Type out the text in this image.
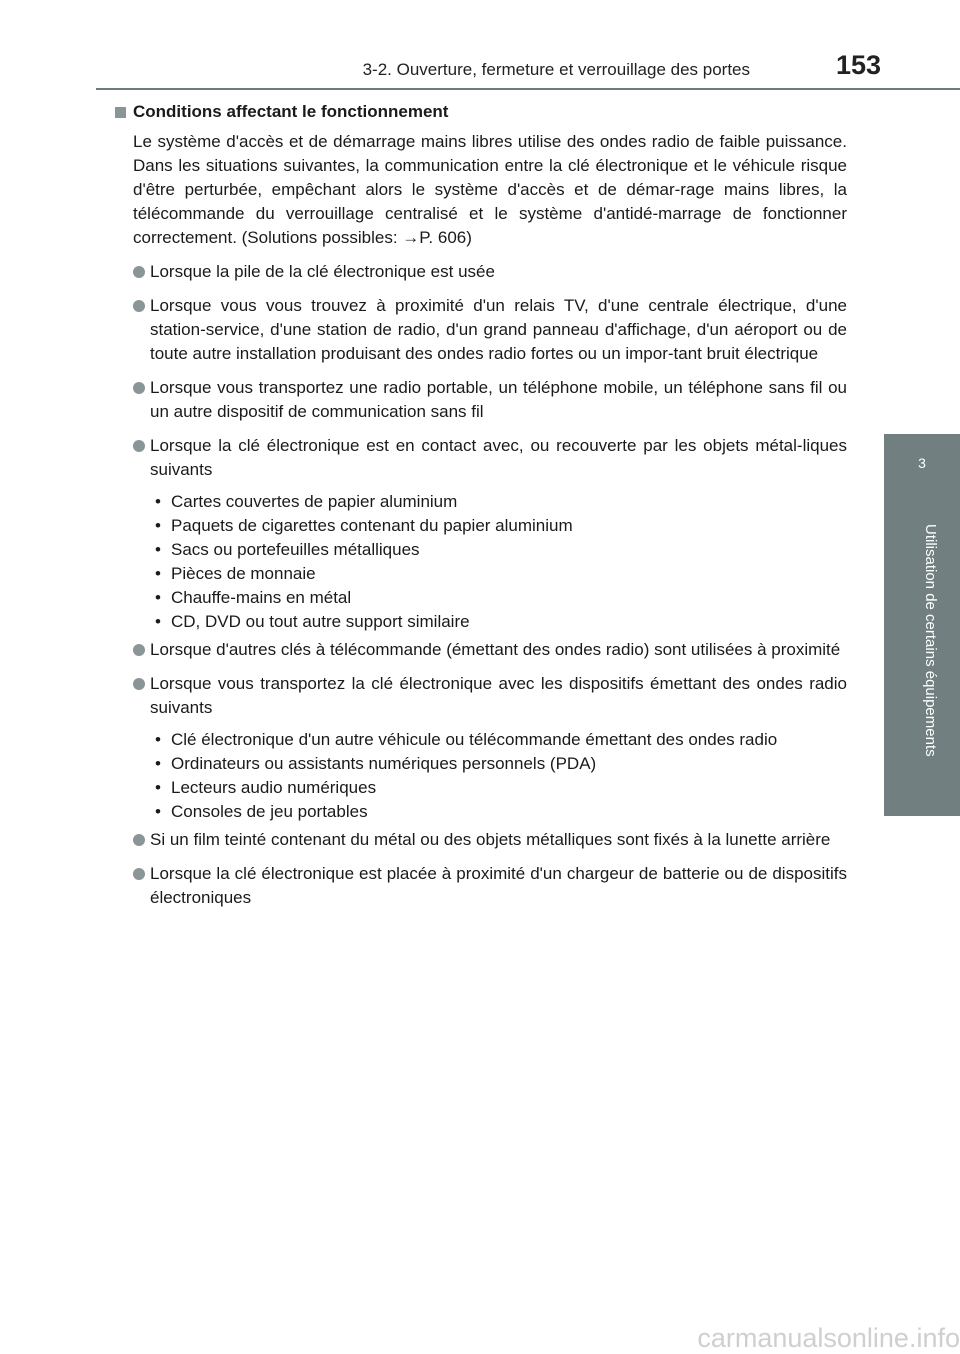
3-2. Ouverture, fermeture et verrouillage des portes	153
3
Utilisation de certains équipements
Conditions affectant le fonctionnement

Le système d'accès et de démarrage mains libres utilise des ondes radio de faible puissance. Dans les situations suivantes, la communication entre la clé électronique et le véhicule risque d'être perturbée, empêchant alors le système d'accès et de démar-rage mains libres, la télécommande du verrouillage centralisé et le système d'antidé-marrage de fonctionner correctement. (Solutions possibles: →P. 606)

Lorsque la pile de la clé électronique est usée
Lorsque vous vous trouvez à proximité d'un relais TV, d'une centrale électrique, d'une station-service, d'une station de radio, d'un grand panneau d'affichage, d'un aéroport ou de toute autre installation produisant des ondes radio fortes ou un impor-tant bruit électrique
Lorsque vous transportez une radio portable, un téléphone mobile, un téléphone sans fil ou un autre dispositif de communication sans fil
Lorsque la clé électronique est en contact avec, ou recouverte par les objets métal-liques suivants
• Cartes couvertes de papier aluminium
• Paquets de cigarettes contenant du papier aluminium
• Sacs ou portefeuilles métalliques
• Pièces de monnaie
• Chauffe-mains en métal
• CD, DVD ou tout autre support similaire
Lorsque d'autres clés à télécommande (émettant des ondes radio) sont utilisées à proximité
Lorsque vous transportez la clé électronique avec les dispositifs émettant des ondes radio suivants
• Clé électronique d'un autre véhicule ou télécommande émettant des ondes radio
• Ordinateurs ou assistants numériques personnels (PDA)
• Lecteurs audio numériques
• Consoles de jeu portables
Si un film teinté contenant du métal ou des objets métalliques sont fixés à la lunette arrière
Lorsque la clé électronique est placée à proximité d'un chargeur de batterie ou de dispositifs électroniques
carmanualsonline.info
